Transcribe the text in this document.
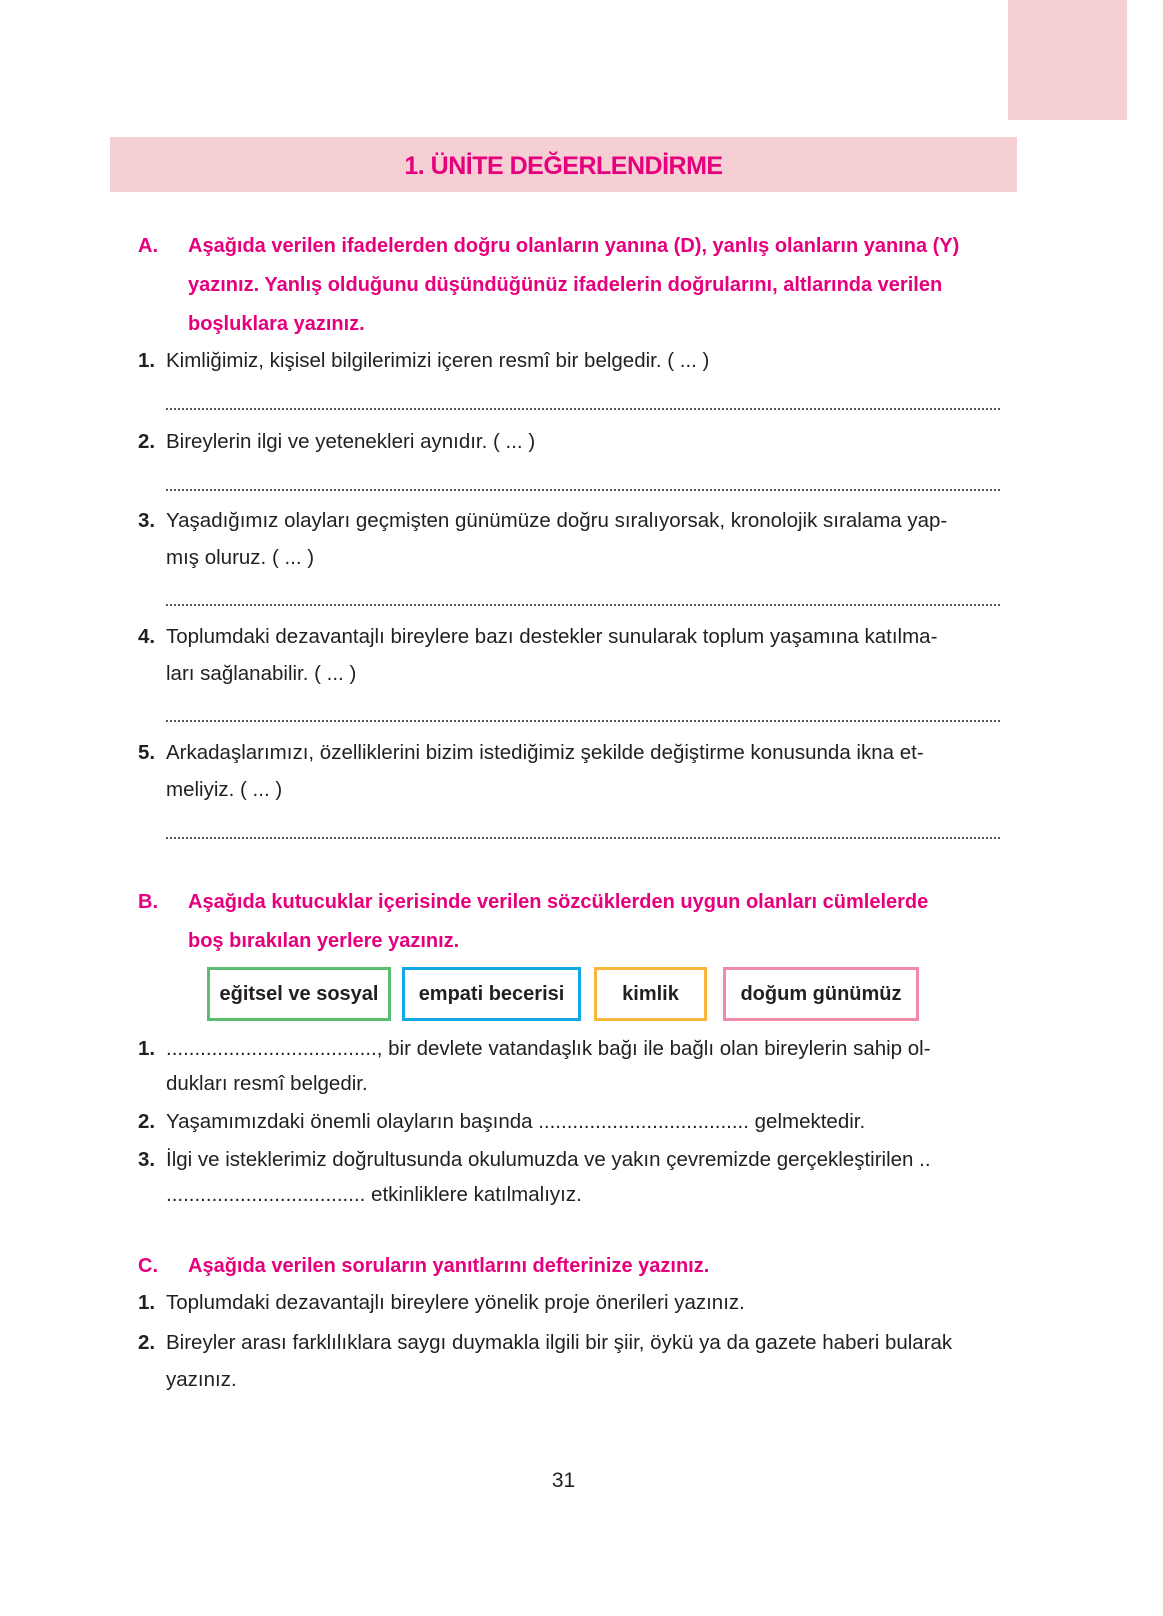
1. ÜNİTE DEĞERLENDİRME
A. Aşağıda verilen ifadelerden doğru olanların yanına (D), yanlış olanların yanına (Y)
yazınız. Yanlış olduğunu düşündüğünüz ifadelerin doğrularını, altlarında verilen
boşluklara yazınız.
1. Kimliğimiz, kişisel bilgilerimizi içeren resmî bir belgedir. ( ... )
2. Bireylerin ilgi ve yetenekleri aynıdır. ( ... )
3. Yaşadığımız olayları geçmişten günümüze doğru sıralıyorsak, kronolojik sıralama yap-
mış oluruz. ( ... )
4. Toplumdaki dezavantajlı bireylere bazı destekler sunularak toplum yaşamına katılma-
ları sağlanabilir. ( ... )
5. Arkadaşlarımızı, özelliklerini bizim istediğimiz şekilde değiştirme konusunda ikna et-
meliyiz. ( ... )
B. Aşağıda kutucuklar içerisinde verilen sözcüklerden uygun olanları cümlelerde
boş bırakılan yerlere yazınız.
eğitsel ve sosyal	empati becerisi	kimlik	doğum günümüz
1. ....................................., bir devlete vatandaşlık bağı ile bağlı olan bireylerin sahip ol-
dukları resmî belgedir.
2. Yaşamımızdaki önemli olayların başında ..................................... gelmektedir.
3. İlgi ve isteklerimiz doğrultusunda okulumuzda ve yakın çevremizde gerçekleştirilen ..
................................... etkinliklere katılmalıyız.
C. Aşağıda verilen soruların yanıtlarını defterinize yazınız.
1. Toplumdaki dezavantajlı bireylere yönelik proje önerileri yazınız.
2. Bireyler arası farklılıklara saygı duymakla ilgili bir şiir, öykü ya da gazete haberi bularak
yazınız.
31
